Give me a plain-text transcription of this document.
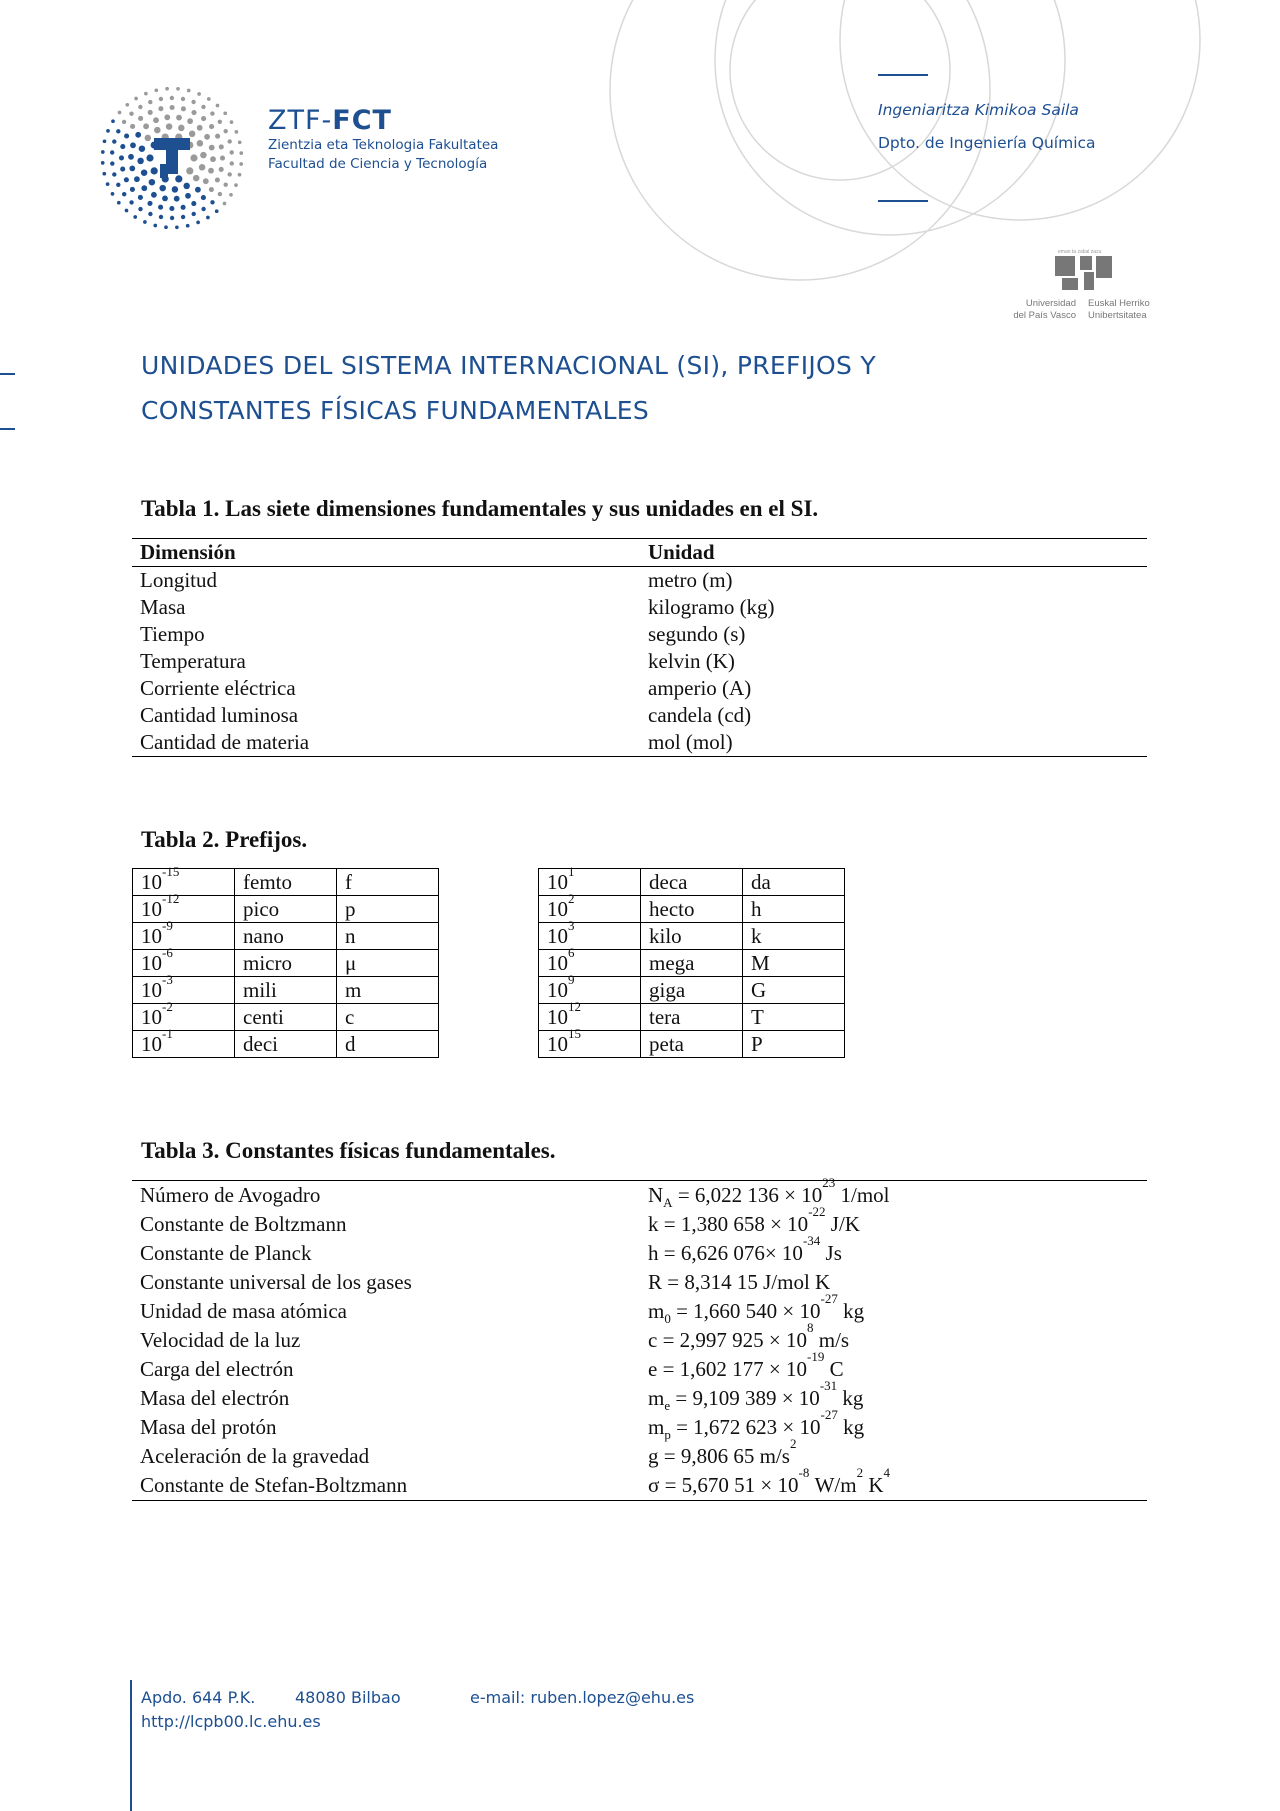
ZTF-FCT
Zientzia eta Teknologia Fakultatea
Facultad de Ciencia y Tecnología
Ingeniaritza Kimikoa Saila
Dpto. de Ingeniería Química
eman ta zabal zazu
Universidad
del País Vasco
Euskal Herriko
Unibertsitatea
UNIDADES DEL SISTEMA INTERNACIONAL (SI), PREFIJOS Y
CONSTANTES FÍSICAS FUNDAMENTALES
Tabla 1. Las siete dimensiones fundamentales y sus unidades en el SI.
Dimensión	Unidad
Longitud	metro (m)
Masa	kilogramo (kg)
Tiempo	segundo (s)
Temperatura	kelvin (K)
Corriente eléctrica	amperio (A)
Cantidad luminosa	candela (cd)
Cantidad de materia	mol (mol)
Tabla 2. Prefijos.
$10^{-15}$	femto	f
$10^{-12}$	pico	p
$10^{-9}$	nano	n
$10^{-6}$	micro	μ
$10^{-3}$	mili	m
$10^{-2}$	centi	c
$10^{-1}$	deci	d
$10^1$	deca	da
$10^2$	hecto	h
$10^3$	kilo	k
$10^6$	mega	M
$10^9$	giga	G
$10^{12}$	tera	T
$10^{15}$	peta	P
Tabla 3. Constantes físicas fundamentales.
Número de Avogadro	$N_A = 6,022$ $136 \times 10^{23}$ 1/mol
Constante de Boltzmann	k = 1,380 $658 \times 10^{-22}$ J/K
Constante de Planck	h = 6,626 $076\times 10^{-34}$ Js
Constante universal de los gases	R = 8,314 15 J/mol K
Unidad de masa atómica	$m_0 = 1,660$ $540 \times 10^{-27}$ kg
Velocidad de la luz	c = 2,997 $925 \times 10^8$ m/s
Carga del electrón	e = 1,602 $177 \times 10^{-19}$ C
Masa del electrón	$m_e = 9,109$ $389 \times 10^{-31}$ kg
Masa del protón	$m_p = 1,672$ $623 \times 10^{-27}$ kg
Aceleración de la gravedad	g = 9,806 65 $m/s^2$
Constante de Stefan-Boltzmann	σ = 5,670 $51 \times 10^{-8}$ $W/m^2$ $K^4$
Apdo. 644 P.K. 48080 Bilbao	e-mail: ruben.lopez@ehu.es
http://lcpb00.lc.ehu.es
